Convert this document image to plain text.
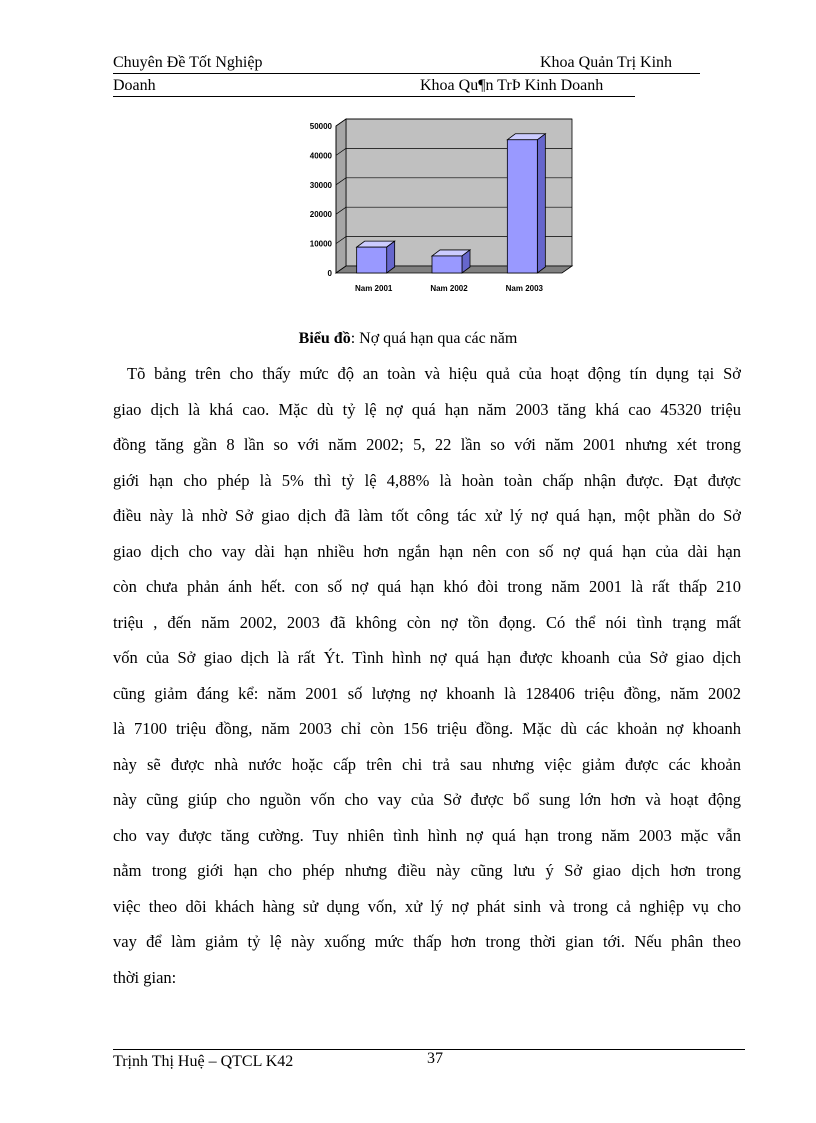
Chuyên Đề Tốt Nghiệp	Khoa Quản Trị Kinh
Doanh	Khoa Qu¶n TrÞ Kinh Doanh
0
10000
20000
30000
40000
50000
Nam 2001	Nam 2002	Nam 2003
Biểu đồ: Nợ quá hạn qua các năm
Tõ bảng trên cho thấy mức độ an toàn và hiệu quả của hoạt động tín dụng tại Sở
giao dịch là khá cao. Mặc dù tỷ lệ nợ quá hạn năm 2003 tăng khá cao 45320 triệu
đồng tăng gần 8 lần so với năm 2002; 5, 22 lần so với năm 2001 nhưng xét trong
giới hạn cho phép là 5% thì tỷ lệ 4,88% là hoàn toàn chấp nhận được. Đạt được
điều này là nhờ Sở giao dịch đã làm tốt công tác xử lý nợ quá hạn, một phần do Sở
giao dịch cho vay dài hạn nhiều hơn ngắn hạn nên con số nợ quá hạn của dài hạn
còn chưa phản ánh hết. con số nợ quá hạn khó đòi trong năm 2001 là rất thấp 210
triệu , đến năm 2002, 2003 đã không còn nợ tồn đọng. Có thể nói tình trạng mất
vốn của Sở giao dịch là rất Ýt. Tình hình nợ quá hạn được khoanh của Sở giao dịch
cũng giảm đáng kể: năm 2001 số lượng nợ khoanh là 128406 triệu đồng, năm 2002
là 7100 triệu đồng, năm 2003 chỉ còn 156 triệu đồng. Mặc dù các khoản nợ khoanh
này sẽ được nhà nước hoặc cấp trên chi trả sau nhưng việc giảm được các khoản
này cũng giúp cho nguồn vốn cho vay của Sở được bổ sung lớn hơn và hoạt động
cho vay được tăng cường. Tuy nhiên tình hình nợ quá hạn trong năm 2003 mặc vẫn
nằm trong giới hạn cho phép nhưng điều này cũng lưu ý Sở giao dịch hơn trong
việc theo dõi khách hàng sử dụng vốn, xử lý nợ phát sinh và trong cả nghiệp vụ cho
vay để làm giảm tỷ lệ này xuống mức thấp hơn trong thời gian tới. Nếu phân theo
thời gian:
Trịnh Thị Huệ – QTCL K42	37
